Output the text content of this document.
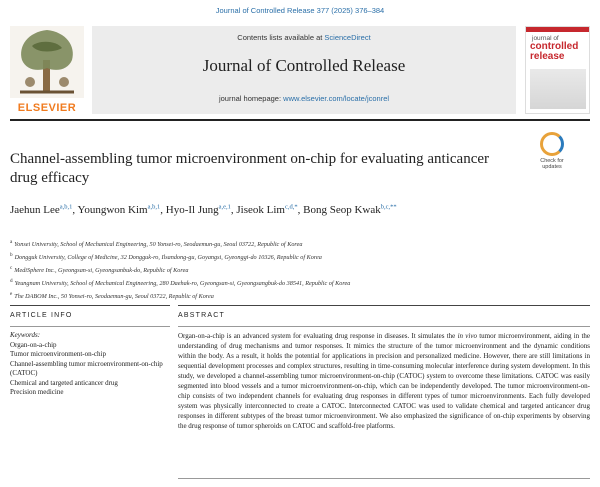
Journal of Controlled Release 377 (2025) 376–384
ELSEVIER
Contents lists available at ScienceDirect
Journal of Controlled Release
journal homepage: www.elsevier.com/locate/jconrel
journal of
controlled
release
Channel-assembling tumor microenvironment on-chip for evaluating anticancer drug efficacy
Check for updates
Jaehun Lee$^{a,b,1}$, Youngwon Kim$^{a,b,1}$, Hyo-Il Jung$^{a,e,1}$, Jiseok Lim$^{c,d,*}$, Bong Seop Kwak$^{b,c,**}$
$^a$ Yonsei University, School of Mechanical Engineering, 50 Yonsei-ro, Seodaemun-gu, Seoul 03722, Republic of Korea
$^b$ Dongguk University, College of Medicine, 32 Dongguk-ro, Ilsandong-gu, Goyangsi, Gyeonggi-do 10326, Republic of Korea
$^c$ MediSphere Inc., Gyeongsan-si, Gyeongsanbuk-do, Republic of Korea
$^d$ Yeungnam University, School of Mechanical Engineering, 280 Daehak-ro, Gyeongsan-si, Gyeongsangbuk-do 38541, Republic of Korea
$^e$ The DABOM Inc., 50 Yonsei-ro, Seodaemun-gu, Seoul 03722, Republic of Korea
ARTICLE INFO	ABSTRACT
Keywords:
Organ-on-a-chip
Tumor microenvironment-on-chip
Channel-assembling tumor microenvironment-on-chip (CATOC)
Chemical and targeted anticancer drug
Precision medicine
Organ-on-a-chip is an advanced system for evaluating drug response in diseases. It simulates the in vivo tumor microenvironment, aiding in the understanding of drug mechanisms and tumor responses. It mimics the structure of the tumor microenvironment and the dynamic conditions within the body. As a result, it holds the potential for applications in precision and personalized medicine. However, there are still limitations in sequential development processes and complex structures, resulting in time-consuming molecular interference during system development. In this study, we developed a channel-assembling tumor microenvironment-on-chip (CATOC) system to overcome these limitations. CATOC was easily segmented into blood vessels and a tumor microenvironment-on-chip, which can be independently developed. The tumor microenvironment-on-chip consists of two independent channels for evaluating drug responses in different types of tumor microenvironments. Each fully developed system was physically interconnected to create a CATOC. Interconnected CATOC was used to validate chemical and targeted anticancer drug responses in different subtypes of the breast tumor microenvironment. We also emphasized the significance of on-chip experiments by observing the drug response of tumor spheroids on CATOC and scaffold-free platforms.
